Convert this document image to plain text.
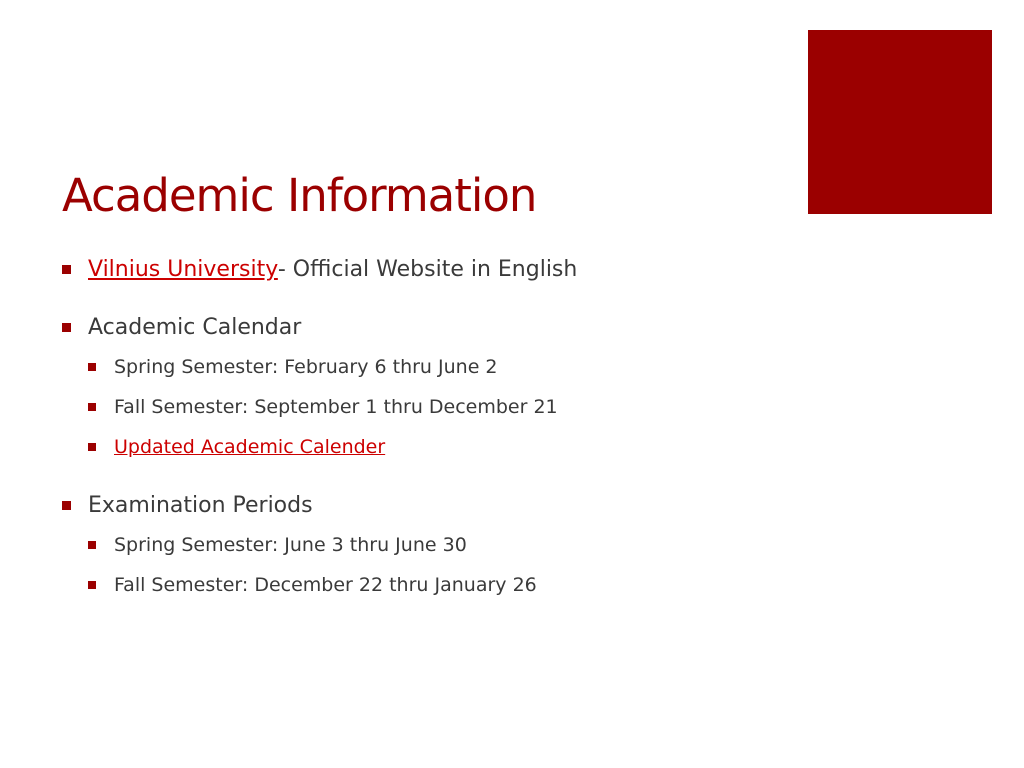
Academic Information
Vilnius University- Official Website in English
Academic Calendar
Spring Semester: February 6 thru June 2
Fall Semester: September 1 thru December 21
Updated Academic Calender
Examination Periods
Spring Semester: June 3 thru June 30
Fall Semester: December 22 thru January 26
